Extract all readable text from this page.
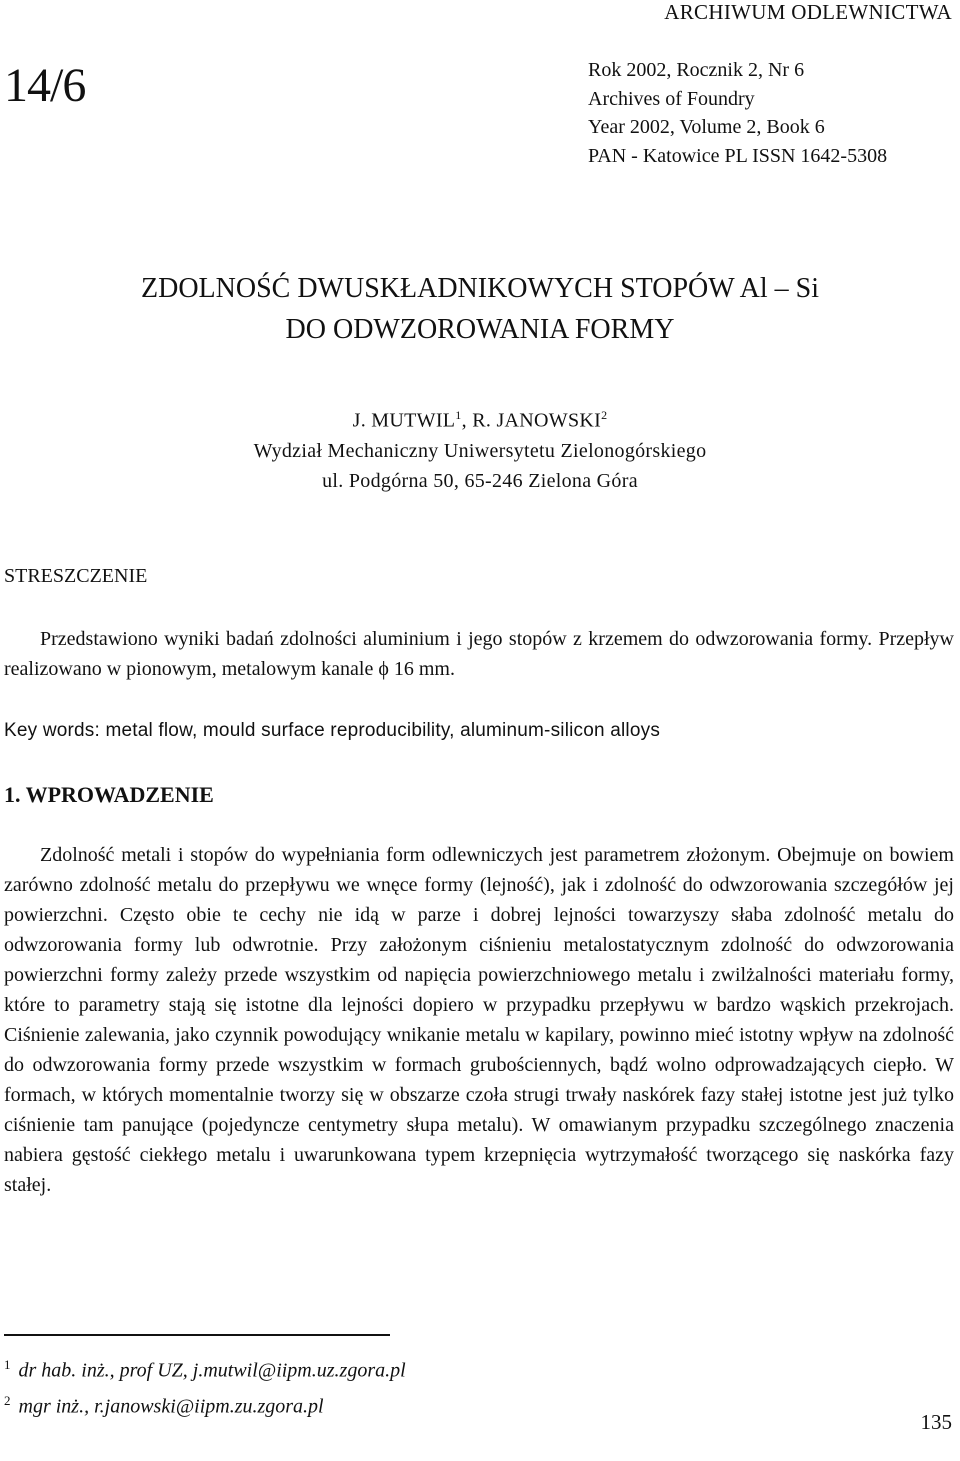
ARCHIWUM ODLEWNICTWA
14/6	Rok 2002, Rocznik 2, Nr 6
Archives of Foundry
Year 2002, Volume 2, Book 6
PAN - Katowice PL ISSN 1642-5308
ZDOLNOŚĆ DWUSKŁADNIKOWYCH STOPÓW Al – Si
DO ODWZOROWANIA FORMY
J. MUTWIL$^1$, R. JANOWSKI$^2$
Wydział Mechaniczny Uniwersytetu Zielonogórskiego
ul. Podgórna 50, 65-246 Zielona Góra
STRESZCZENIE
Przedstawiono wyniki badań zdolności aluminium i jego stopów z krzemem do odwzorowania formy. Przepływ realizowano w pionowym, metalowym kanale ϕ 16 mm.
Key words: metal flow, mould surface reproducibility, aluminum-silicon alloys
1. WPROWADZENIE
Zdolność metali i stopów do wypełniania form odlewniczych jest parametrem złożonym. Obejmuje on bowiem zarówno zdolność metalu do przepływu we wnęce formy (lejność), jak i zdolność do odwzorowania szczegółów jej powierzchni. Często obie te cechy nie idą w parze i dobrej lejności towarzyszy słaba zdolność metalu do odwzorowania formy lub odwrotnie. Przy założonym ciśnieniu metalostatycznym zdolność do odwzorowania powierzchni formy zależy przede wszystkim od napięcia powierzchniowego metalu i zwilżalności materiału formy, które to parametry stają się istotne dla lejności dopiero w przypadku przepływu w bardzo wąskich przekrojach. Ciśnienie zalewania, jako czynnik powodujący wnikanie metalu w kapilary, powinno mieć istotny wpływ na zdolność do odwzorowania formy przede wszystkim w formach grubościennych, bądź wolno odprowadzających ciepło. W formach, w których momentalnie tworzy się w obszarze czoła strugi trwały naskórek fazy stałej istotne jest już tylko ciśnienie tam panujące (pojedyncze centymetry słupa metalu). W omawianym przypadku szczególnego znaczenia nabiera gęstość ciekłego metalu i uwarunkowana typem krzepnięcia wytrzymałość tworzącego się naskórka fazy stałej.
$^1$ dr hab. inż., prof UZ, j.mutwil@iipm.uz.zgora.pl
$^2$ mgr inż., r.janowski@iipm.zu.zgora.pl
135
